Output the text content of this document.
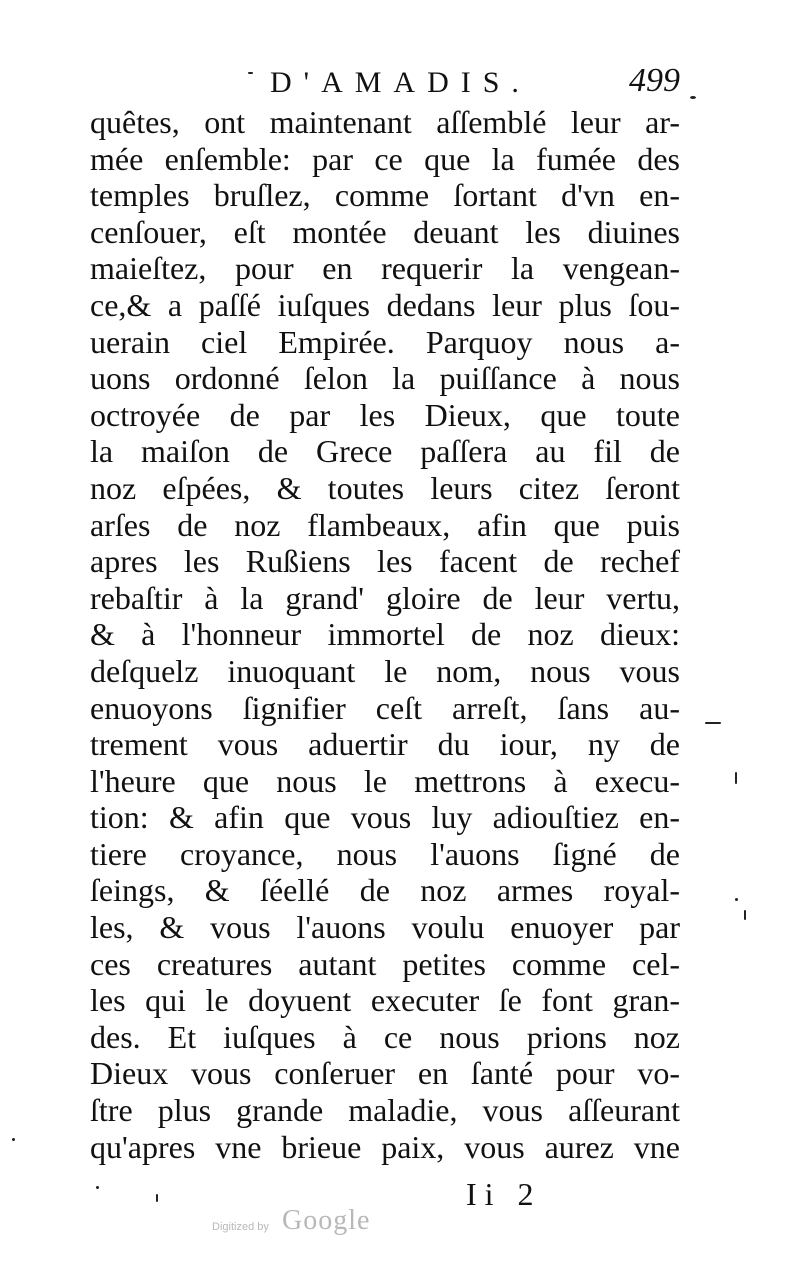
D'AMADIS.	499
quêtes, ont maintenant aſſemblé leur ar-
mée enſemble: par ce que la fumée des
temples bruſlez, comme ſortant d'vn en-
cenſouer, eſt montée deuant les diuines
maieſtez, pour en requerir la vengean-
ce,& a paſſé iuſques dedans leur plus ſou-
uerain ciel Empirée. Parquoy nous a-
uons ordonné ſelon la puiſſance à nous
octroyée de par les Dieux, que toute
la maiſon de Grece paſſera au fil de
noz eſpées, & toutes leurs citez ſeront
arſes de noz flambeaux, afin que puis
apres les Rußiens les facent de rechef
rebaſtir à la grand' gloire de leur vertu,
& à l'honneur immortel de noz dieux:
deſquelz inuoquant le nom, nous vous
enuoyons ſignifier ceſt arreſt, ſans au-
trement vous aduertir du iour, ny de
l'heure que nous le mettrons à execu-
tion: & afin que vous luy adiouſtiez en-
tiere croyance, nous l'auons ſigné de
ſeings, & ſéellé de noz armes royal-
les, & vous l'auons voulu enuoyer par
ces creatures autant petites comme cel-
les qui le doyuent executer ſe font gran-
des. Et iuſques à ce nous prions noz
Dieux vous conſeruer en ſanté pour vo-
ſtre plus grande maladie, vous aſſeurant
qu'apres vne brieue paix, vous aurez vne
Ii 2
Digitized by Google
